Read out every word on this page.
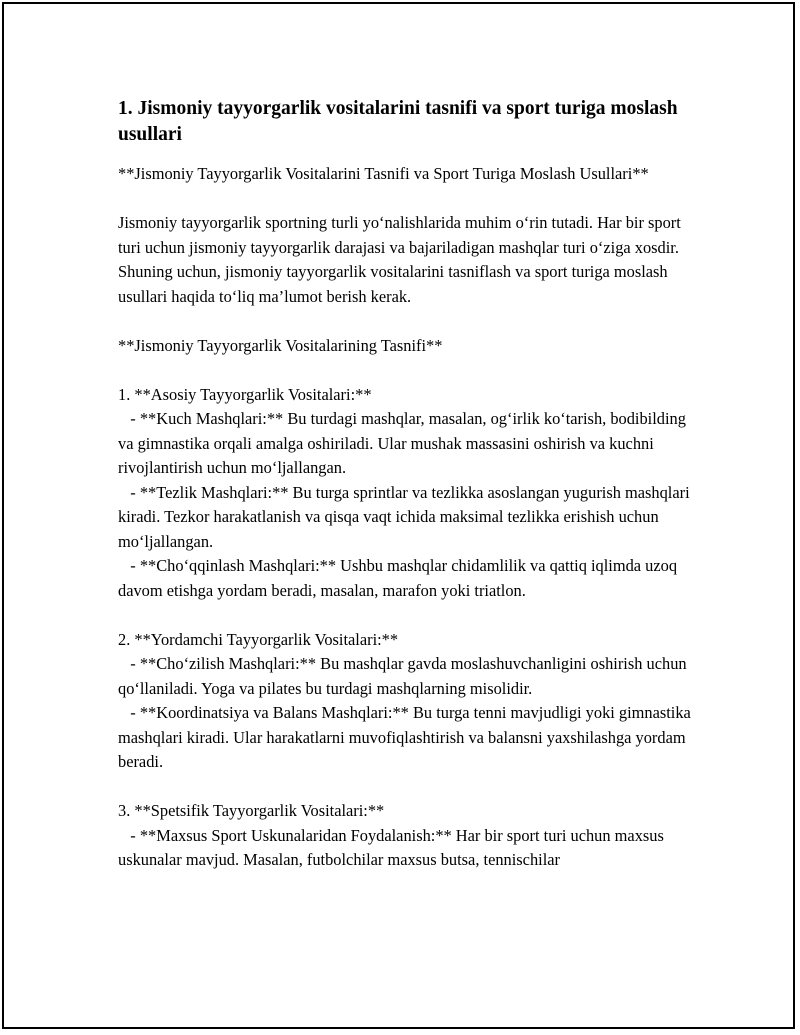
1. Jismoniy tayyorgarlik vositalarini tasnifi va sport turiga moslash usullari

**Jismoniy Tayyorgarlik Vositalarini Tasnifi va Sport Turiga Moslash Usullari**

Jismoniy tayyorgarlik sportning turli yo‘nalishlarida muhim o‘rin tutadi. Har bir sport turi uchun jismoniy tayyorgarlik darajasi va bajariladigan mashqlar turi o‘ziga xosdir. Shuning uchun, jismoniy tayyorgarlik vositalarini tasniflash va sport turiga moslash usullari haqida to‘liq ma’lumot berish kerak.

**Jismoniy Tayyorgarlik Vositalarining Tasnifi**

1. **Asosiy Tayyorgarlik Vositalari:**
- **Kuch Mashqlari:** Bu turdagi mashqlar, masalan, og‘irlik ko‘tarish, bodibilding va gimnastika orqali amalga oshiriladi. Ular mushak massasini oshirish va kuchni rivojlantirish uchun mo‘ljallangan.
- **Tezlik Mashqlari:** Bu turga sprintlar va tezlikka asoslangan yugurish mashqlari kiradi. Tezkor harakatlanish va qisqa vaqt ichida maksimal tezlikka erishish uchun mo‘ljallangan.
- **Cho‘qqinlash Mashqlari:** Ushbu mashqlar chidamlilik va qattiq iqlimda uzoq davom etishga yordam beradi, masalan, marafon yoki triatlon.

2. **Yordamchi Tayyorgarlik Vositalari:**
- **Cho‘zilish Mashqlari:** Bu mashqlar gavda moslashuvchanligini oshirish uchun qo‘llaniladi. Yoga va pilates bu turdagi mashqlarning misolidir.
- **Koordinatsiya va Balans Mashqlari:** Bu turga tenni mavjudligi yoki gimnastika mashqlari kiradi. Ular harakatlarni muvofiqlashtirish va balansni yaxshilashga yordam beradi.

3. **Spetsifik Tayyorgarlik Vositalari:**
- **Maxsus Sport Uskunalaridan Foydalanish:** Har bir sport turi uchun maxsus uskunalar mavjud. Masalan, futbolchilar maxsus butsa, tennischilar
